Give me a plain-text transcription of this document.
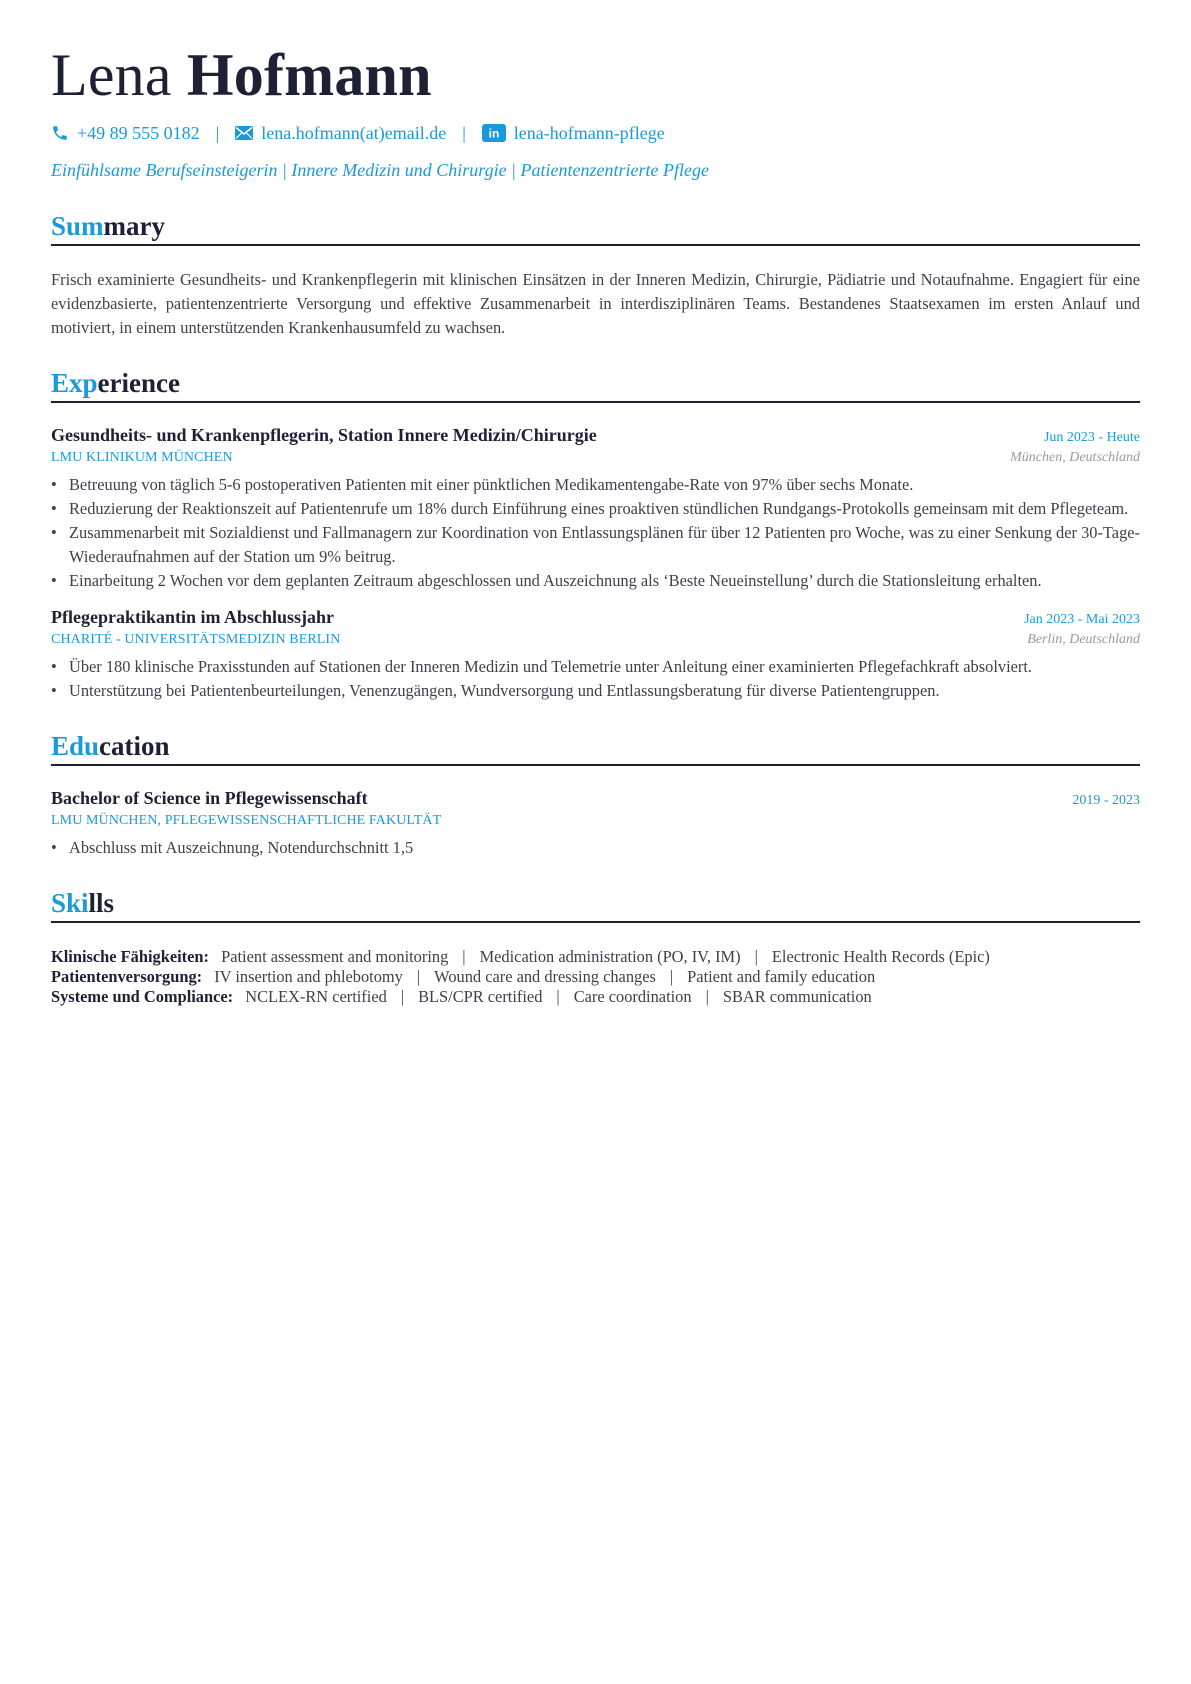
Lena Hofmann
+49 89 555 0182 | lena.hofmann(at)email.de | in lena-hofmann-pflege
Einfühlsame Berufseinsteigerin | Innere Medizin und Chirurgie | Patientenzentrierte Pflege
Summary

Frisch examinierte Gesundheits- und Krankenpflegerin mit klinischen Einsätzen in der Inneren Medizin, Chirurgie, Pädiatrie und Notaufnahme. Engagiert für eine evidenzbasierte, patientenzentrierte Versorgung und effektive Zusammenarbeit in interdisziplinären Teams. Bestandenes Staatsexamen im ersten Anlauf und motiviert, in einem unterstützenden Krankenhausumfeld zu wachsen.

Experience
Gesundheits- und Krankenpflegerin, Station Innere Medizin/Chirurgie	Jun 2023 - Heute
LMU KLINIKUM MÜNCHEN	München, Deutschland
• Betreuung von täglich 5-6 postoperativen Patienten mit einer pünktlichen Medikamentengabe-Rate von 97% über sechs Monate.
• Reduzierung der Reaktionszeit auf Patientenrufe um 18% durch Einführung eines proaktiven stündlichen Rundgangs-Protokolls gemeinsam mit dem Pflegeteam.
• Zusammenarbeit mit Sozialdienst und Fallmanagern zur Koordination von Entlassungsplänen für über 12 Patienten pro Woche, was zu einer Senkung der 30-Tage-Wiederaufnahmen auf der Station um 9% beitrug.
• Einarbeitung 2 Wochen vor dem geplanten Zeitraum abgeschlossen und Auszeichnung als ‘Beste Neueinstellung’ durch die Stationsleitung erhalten.
Pflegepraktikantin im Abschlussjahr	Jan 2023 - Mai 2023
CHARITÉ - UNIVERSITÄTSMEDIZIN BERLIN	Berlin, Deutschland
• Über 180 klinische Praxisstunden auf Stationen der Inneren Medizin und Telemetrie unter Anleitung einer examinierten Pflegefachkraft absolviert.
• Unterstützung bei Patientenbeurteilungen, Venenzugängen, Wundversorgung und Entlassungsberatung für diverse Patientengruppen.
Education
Bachelor of Science in Pflegewissenschaft	2019 - 2023
LMU MÜNCHEN, PFLEGEWISSENSCHAFTLICHE FAKULTÄT
• Abschluss mit Auszeichnung, Notendurchschnitt 1,5
Skills
Klinische Fähigkeiten: Patient assessment and monitoring | Medication administration (PO, IV, IM) | Electronic Health Records (Epic)
Patientenversorgung: IV insertion and phlebotomy | Wound care and dressing changes | Patient and family education
Systeme und Compliance: NCLEX-RN certified | BLS/CPR certified | Care coordination | SBAR communication
